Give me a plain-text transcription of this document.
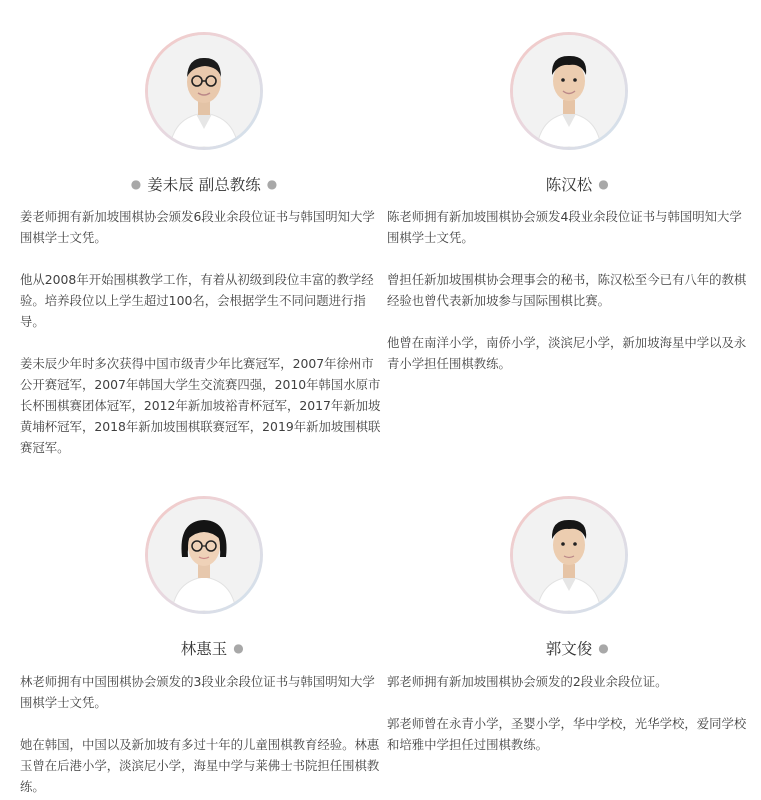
● 姜未辰 副总教练 ●

姜老师拥有新加坡围棋协会颁发6段业余段位证书与韩国明知大学围棋学士文凭。

他从2008年开始围棋教学工作，有着从初级到段位丰富的教学经验。培养段位以上学生超过100名，会根据学生不同问题进行指导。

姜未辰少年时多次获得中国市级青少年比赛冠军，2007年徐州市公开赛冠军，2007年韩国大学生交流赛四强，2010年韩国水原市长杯围棋赛团体冠军，2012年新加坡裕青杯冠军，2017年新加坡黄埔杯冠军，2018年新加坡围棋联赛冠军，2019年新加坡围棋联赛冠军。

陈汉松 ●

陈老师拥有新加坡围棋协会颁发4段业余段位证书与韩国明知大学围棋学士文凭。

曾担任新加坡围棋协会理事会的秘书，陈汉松至今已有八年的教棋经验也曾代表新加坡参与国际围棋比赛。

他曾在南洋小学，南侨小学，淡滨尼小学，新加坡海星中学以及永青小学担任围棋教练。

林惠玉 ●

林老师拥有中国围棋协会颁发的3段业余段位证书与韩国明知大学围棋学士文凭。

她在韩国，中国以及新加坡有多过十年的儿童围棋教育经验。林惠玉曾在后港小学，淡滨尼小学，海星中学与莱佛士书院担任围棋教练。

郭文俊 ●

郭老师拥有新加坡围棋协会颁发的2段业余段位证。

郭老师曾在永青小学，圣婴小学，华中学校，光华学校，爱同学校和培雅中学担任过围棋教练。
